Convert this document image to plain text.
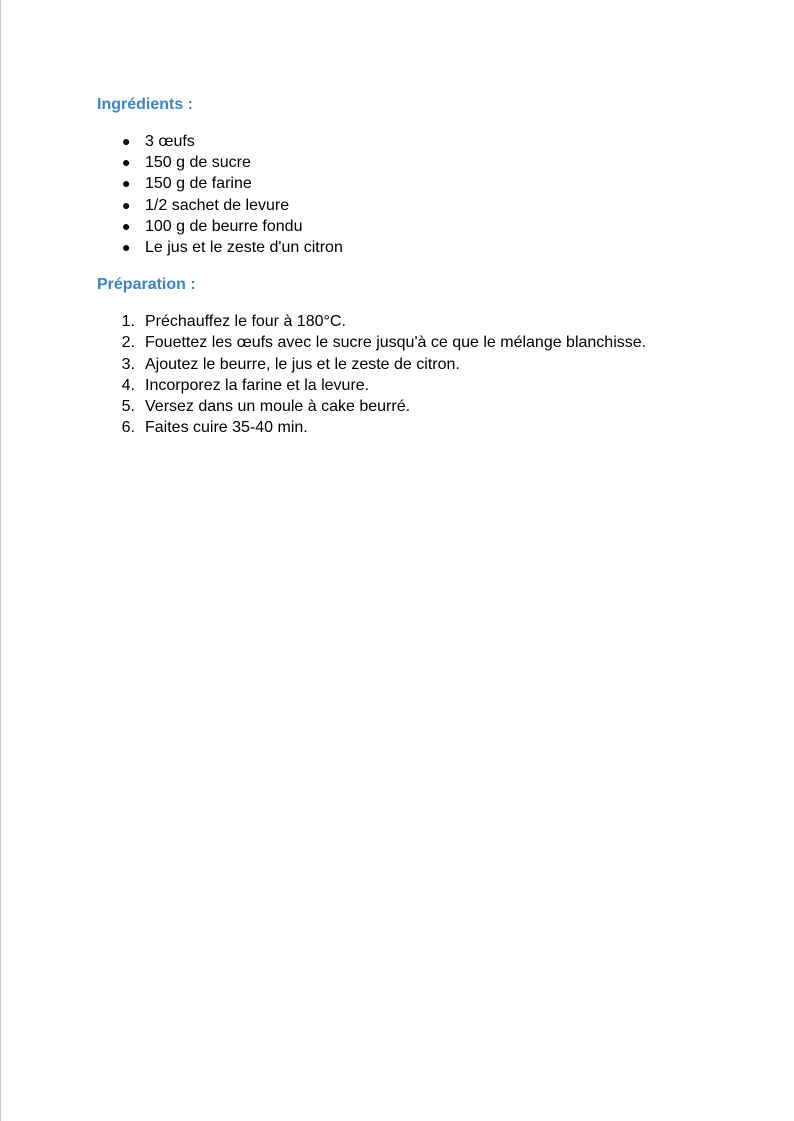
Ingrédients :
● 3 œufs
● 150 g de sucre
● 150 g de farine
● 1/2 sachet de levure
● 100 g de beurre fondu
● Le jus et le zeste d'un citron
Préparation :
1. Préchauffez le four à 180°C.
2. Fouettez les œufs avec le sucre jusqu'à ce que le mélange blanchisse.
3. Ajoutez le beurre, le jus et le zeste de citron.
4. Incorporez la farine et la levure.
5. Versez dans un moule à cake beurré.
6. Faites cuire 35-40 min.
